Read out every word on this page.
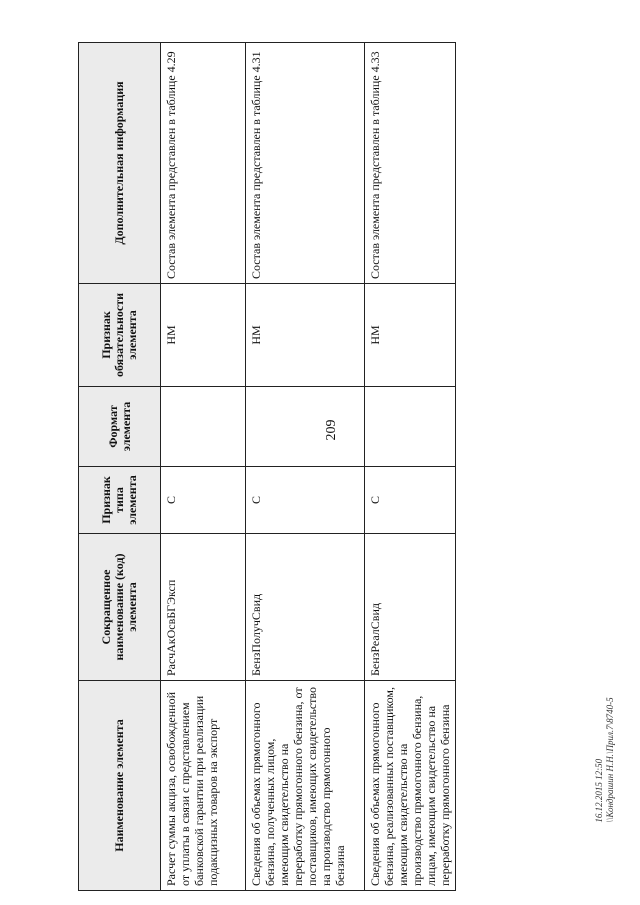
209
Наименование элемента	Сокращенное наименование (код) элемента	Признак типа элемента	Формат элемента	Признак обязательности элемента	Дополнительная информация
Расчет суммы акциза, освобожденной от уплаты в связи с представлением банковской гарантии при реализации подакцизных товаров на экспорт	РасчАкОсвБГЭксп	С		НМ	Состав элемента представлен в таблице 4.29
Сведения об объемах прямогонного бензина, полученных лицом, имеющим свидетельство на переработку прямогонного бензина, от поставщиков, имеющих свидетельство на производство прямогонного бензина	БензПолучСвид	С		НМ	Состав элемента представлен в таблице 4.31
Сведения об объемах прямогонного бензина, реализованных поставщиком, имеющим свидетельство на производство прямогонного бензина, лицам, имеющим свидетельство на переработку прямогонного бензина	БензРеалСвид	С		НМ	Состав элемента представлен в таблице 4.33
16.12.2015 12:50 \\Кондрашин Н.Н.\Прил.7\8740-5
